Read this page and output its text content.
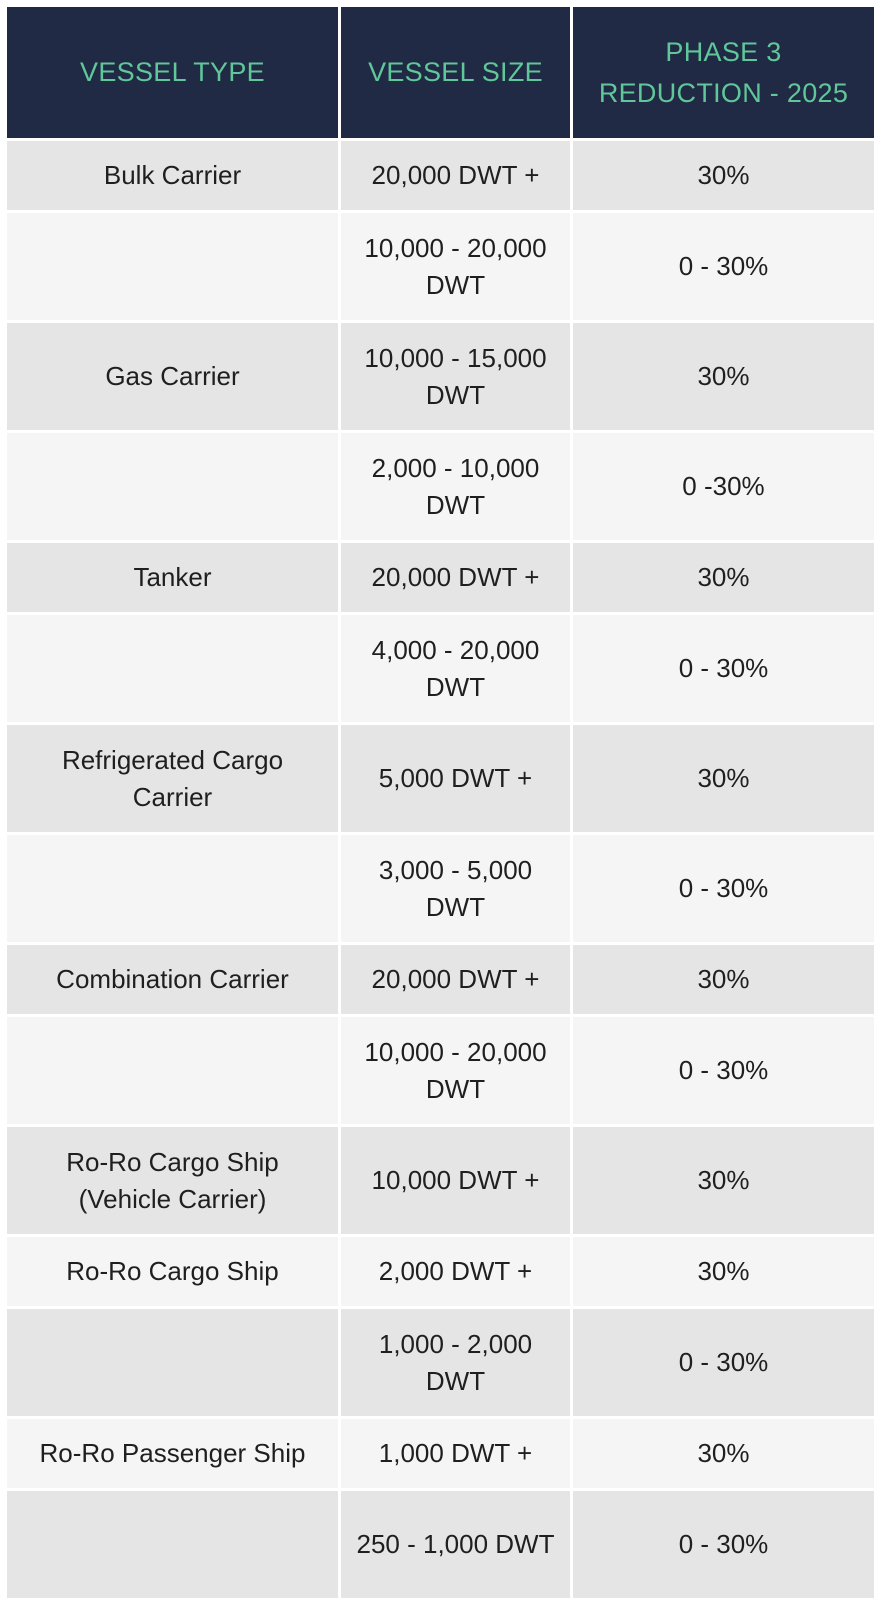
VESSEL TYPE	VESSEL SIZE	PHASE 3 REDUCTION - 2025
Bulk Carrier	20,000 DWT +	30%
	10,000 - 20,000 DWT	0 - 30%
Gas Carrier	10,000 - 15,000 DWT	30%
	2,000 - 10,000 DWT	0 -30%
Tanker	20,000 DWT +	30%
	4,000 - 20,000 DWT	0 - 30%
Refrigerated Cargo Carrier	5,000 DWT +	30%
	3,000 - 5,000 DWT	0 - 30%
Combination Carrier	20,000 DWT +	30%
	10,000 - 20,000 DWT	0 - 30%
Ro-Ro Cargo Ship (Vehicle Carrier)	10,000 DWT +	30%
Ro-Ro Cargo Ship	2,000 DWT +	30%
	1,000 - 2,000 DWT	0 - 30%
Ro-Ro Passenger Ship	1,000 DWT +	30%
	250 - 1,000 DWT	0 - 30%
